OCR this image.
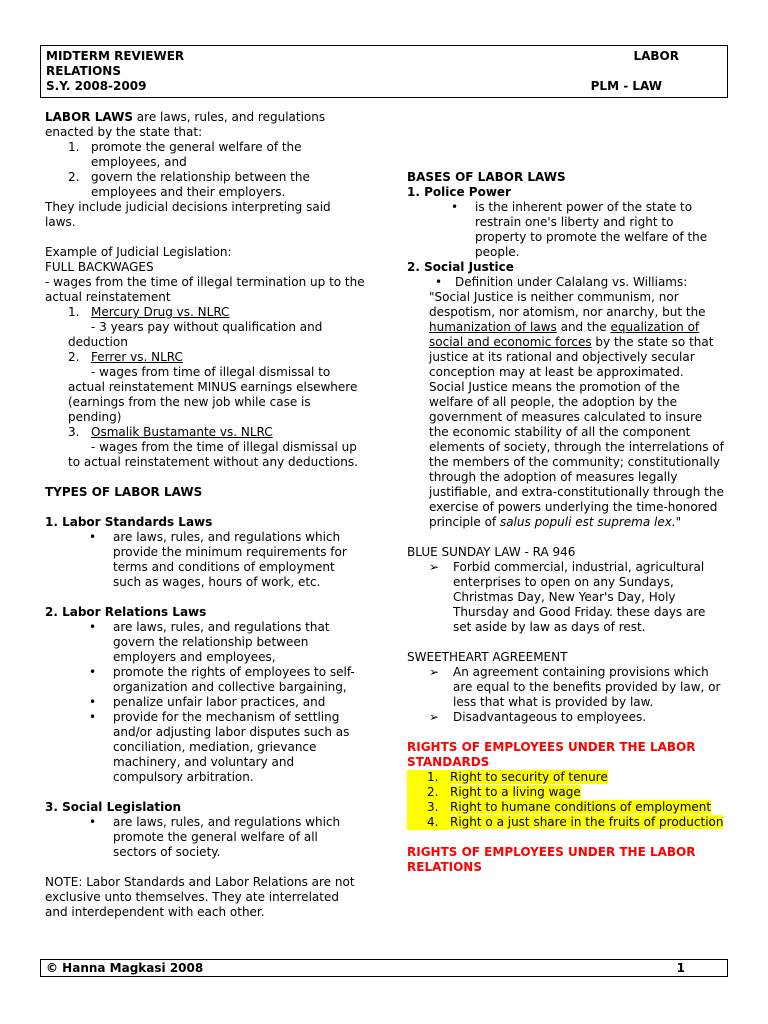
MIDTERM REVIEWER	LABOR
RELATIONS
S.Y. 2008-2009	PLM - LAW

LABOR LAWS are laws, rules, and regulations enacted by the state that:

1. promote the general welfare of the employees, and
2. govern the relationship between the employees and their employers.

They include judicial decisions interpreting said laws.

Example of Judicial Legislation:

FULL BACKWAGES

- wages from the time of illegal termination up to the actual reinstatement

1. Mercury Drug vs. NLRC

- 3 years pay without qualification and deduction

2. Ferrer vs. NLRC

- wages from time of illegal dismissal to actual reinstatement MINUS earnings elsewhere (earnings from the new job while case is pending)

3. Osmalik Bustamante vs. NLRC

- wages from the time of illegal dismissal up to actual reinstatement without any deductions.

TYPES OF LABOR LAWS

1. Labor Standards Laws

•	are laws, rules, and regulations which provide the minimum requirements for terms and conditions of employment such as wages, hours of work, etc.

2. Labor Relations Laws

•	are laws, rules, and regulations that govern the relationship between employers and employees,
•	promote the rights of employees to self-organization and collective bargaining,
•	penalize unfair labor practices, and
•	provide for the mechanism of settling and/or adjusting labor disputes such as conciliation, mediation, grievance machinery, and voluntary and compulsory arbitration.

3. Social Legislation

•	are laws, rules, and regulations which promote the general welfare of all sectors of society.

NOTE: Labor Standards and Labor Relations are not exclusive unto themselves. They ate interrelated and interdependent with each other.

BASES OF LABOR LAWS

1. Police Power

•	is the inherent power of the state to restrain one's liberty and right to property to promote the welfare of the people.

2. Social Justice

•	Definition under Calalang vs. Williams:

"Social Justice is neither communism, nor despotism, nor atomism, nor anarchy, but the humanization of laws and the equalization of social and economic forces by the state so that justice at its rational and objectively secular conception may at least be approximated.

Social Justice means the promotion of the welfare of all people, the adoption by the government of measures calculated to insure the economic stability of all the component elements of society, through the interrelations of the members of the community; constitutionally through the adoption of measures legally justifiable, and extra-constitutionally through the exercise of powers underlying the time-honored principle of salus populi est suprema lex."

BLUE SUNDAY LAW - RA 946

➢	Forbid commercial, industrial, agricultural enterprises to open on any Sundays, Christmas Day, New Year's Day, Holy Thursday and Good Friday. these days are set aside by law as days of rest.

SWEETHEART AGREEMENT

➢	An agreement containing provisions which are equal to the benefits provided by law, or less that what is provided by law.
➢	Disadvantageous to employees.

RIGHTS OF EMPLOYEES UNDER THE LABOR STANDARDS

1. Right to security of tenure
2. Right to a living wage
3. Right to humane conditions of employment
4. Right o a just share in the fruits of production

RIGHTS OF EMPLOYEES UNDER THE LABOR RELATIONS

© Hanna Magkasi 2008	1
